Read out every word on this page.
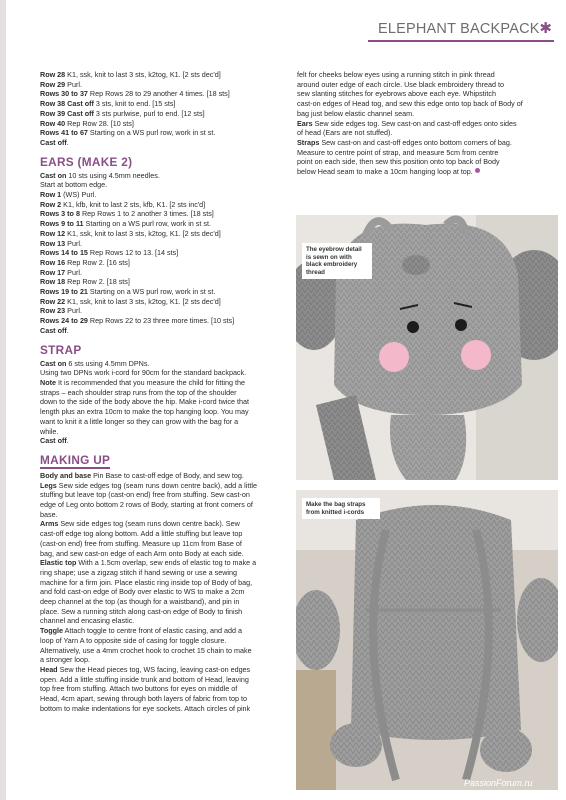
ELEPHANT BACKPACK ✱
Row 28 K1, ssk, knit to last 3 sts, k2tog, K1. [2 sts dec'd]
Row 29 Purl.
Rows 30 to 37 Rep Rows 28 to 29 another 4 times. [18 sts]
Row 38 Cast off 3 sts, knit to end. [15 sts]
Row 39 Cast off 3 sts purlwise, purl to end. [12 sts]
Row 40 Rep Row 28. [10 sts]
Rows 41 to 67 Starting on a WS purl row, work in st st.
Cast off.
EARS (MAKE 2)
Cast on 10 sts using 4.5mm needles.
Start at bottom edge.
Row 1 (WS) Purl.
Row 2 K1, kfb, knit to last 2 sts, kfb, K1. [2 sts inc'd]
Rows 3 to 8 Rep Rows 1 to 2 another 3 times. [18 sts]
Rows 9 to 11 Starting on a WS purl row, work in st st.
Row 12 K1, ssk, knit to last 3 sts, k2tog, K1. [2 sts dec'd]
Row 13 Purl.
Rows 14 to 15 Rep Rows 12 to 13. [14 sts]
Row 16 Rep Row 2. [16 sts]
Row 17 Purl.
Row 18 Rep Row 2. [18 sts]
Rows 19 to 21 Starting on a WS purl row, work in st st.
Row 22 K1, ssk, knit to last 3 sts, k2tog, K1. [2 sts dec'd]
Row 23 Purl.
Rows 24 to 29 Rep Rows 22 to 23 three more times. [10 sts]
Cast off.
STRAP
Cast on 6 sts using 4.5mm DPNs.
Using two DPNs work i-cord for 90cm for the standard backpack.
Note It is recommended that you measure the child for fitting the
straps – each shoulder strap runs from the top of the shoulder
down to the side of the body above the hip. Make i-cord twice that
length plus an extra 10cm to make the top hanging loop. You may
want to knit it a little longer so they can grow with the bag for a
while.
Cast off.
MAKING UP
Body and base Pin Base to cast-off edge of Body, and sew tog.
Legs Sew side edges tog (seam runs down centre back), add a little
stuffing but leave top (cast-on end) free from stuffing. Sew cast-on
edge of Leg onto bottom 2 rows of Body, starting at front corners of
base.
Arms Sew side edges tog (seam runs down centre back). Sew
cast-off edge tog along bottom. Add a little stuffing but leave top
(cast-on end) free from stuffing. Measure up 11cm from Base of
bag, and sew cast-on edge of each Arm onto Body at each side.
Elastic top With a 1.5cm overlap, sew ends of elastic tog to make a
ring shape; use a zigzag stitch if hand sewing or use a sewing
machine for a firm join. Place elastic ring inside top of Body of bag,
and fold cast-on edge of Body over elastic to WS to make a 2cm
deep channel at the top (as though for a waistband), and pin in
place. Sew a running stitch along cast-on edge of Body to finish
channel and encasing elastic.
Toggle Attach toggle to centre front of elastic casing, and add a
loop of Yarn A to opposite side of casing for toggle closure.
Alternatively, use a 4mm crochet hook to crochet 15 chain to make
a stronger loop.
Head Sew the Head pieces tog, WS facing, leaving cast-on edges
open. Add a little stuffing inside trunk and bottom of Head, leaving
top free from stuffing. Attach two buttons for eyes on middle of
Head, 4cm apart, sewing through both layers of fabric from top to
bottom to make indentations for eye sockets. Attach circles of pink
felt for cheeks below eyes using a running stitch in pink thread
around outer edge of each circle. Use black embroidery thread to
sew slanting stitches for eyebrows above each eye. Whipstitch
cast-on edges of Head tog, and sew this edge onto top back of Body of
bag just below elastic channel seam.
Ears Sew side edges tog. Sew cast-on and cast-off edges onto sides
of head (Ears are not stuffed).
Straps Sew cast-on and cast-off edges onto bottom corners of bag.
Measure to centre point of strap, and measure 5cm from centre
point on each side, then sew this position onto top back of Body
below Head seam to make a 10cm hanging loop at top.
The eyebrow detail is sewn on with black embroidery thread
Make the bag straps from knitted i-cords
PassionForum.ru
